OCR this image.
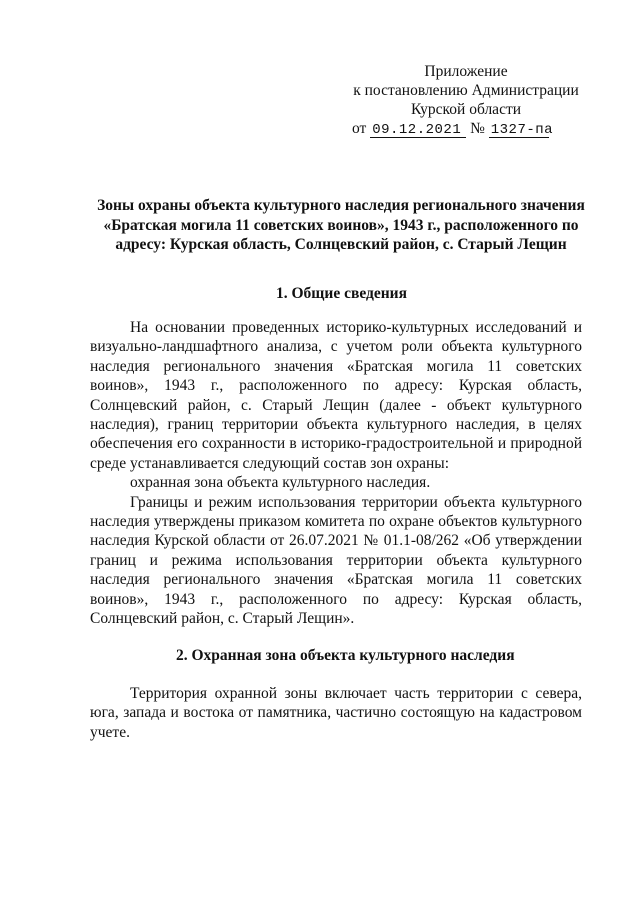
Приложение
к постановлению Администрации
Курской области
от 09.12.2021 № 1327-па
Зоны охраны объекта культурного наследия регионального значения
«Братская могила 11 советских воинов», 1943 г., расположенного по
адресу: Курская область, Солнцевский район, с. Старый Лещин
1. Общие сведения

На основании проведенных историко-культурных исследований и визуально-ландшафтного анализа, с учетом роли объекта культурного наследия регионального значения «Братская могила 11 советских воинов», 1943 г., расположенного по адресу: Курская область, Солнцевский район, с. Старый Лещин (далее - объект культурного наследия), границ территории объекта культурного наследия, в целях обеспечения его сохранности в историко-градостроительной и природной среде устанавливается следующий состав зон охраны:

охранная зона объекта культурного наследия.

Границы и режим использования территории объекта культурного наследия утверждены приказом комитета по охране объектов культурного наследия Курской области от 26.07.2021 № 01.1-08/262 «Об утверждении границ и режима использования территории объекта культурного наследия регионального значения «Братская могила 11 советских воинов», 1943 г., расположенного по адресу: Курская область, Солнцевский район, с. Старый Лещин».

2. Охранная зона объекта культурного наследия

Территория охранной зоны включает часть территории с севера, юга, запада и востока от памятника, частично состоящую на кадастровом учете.
